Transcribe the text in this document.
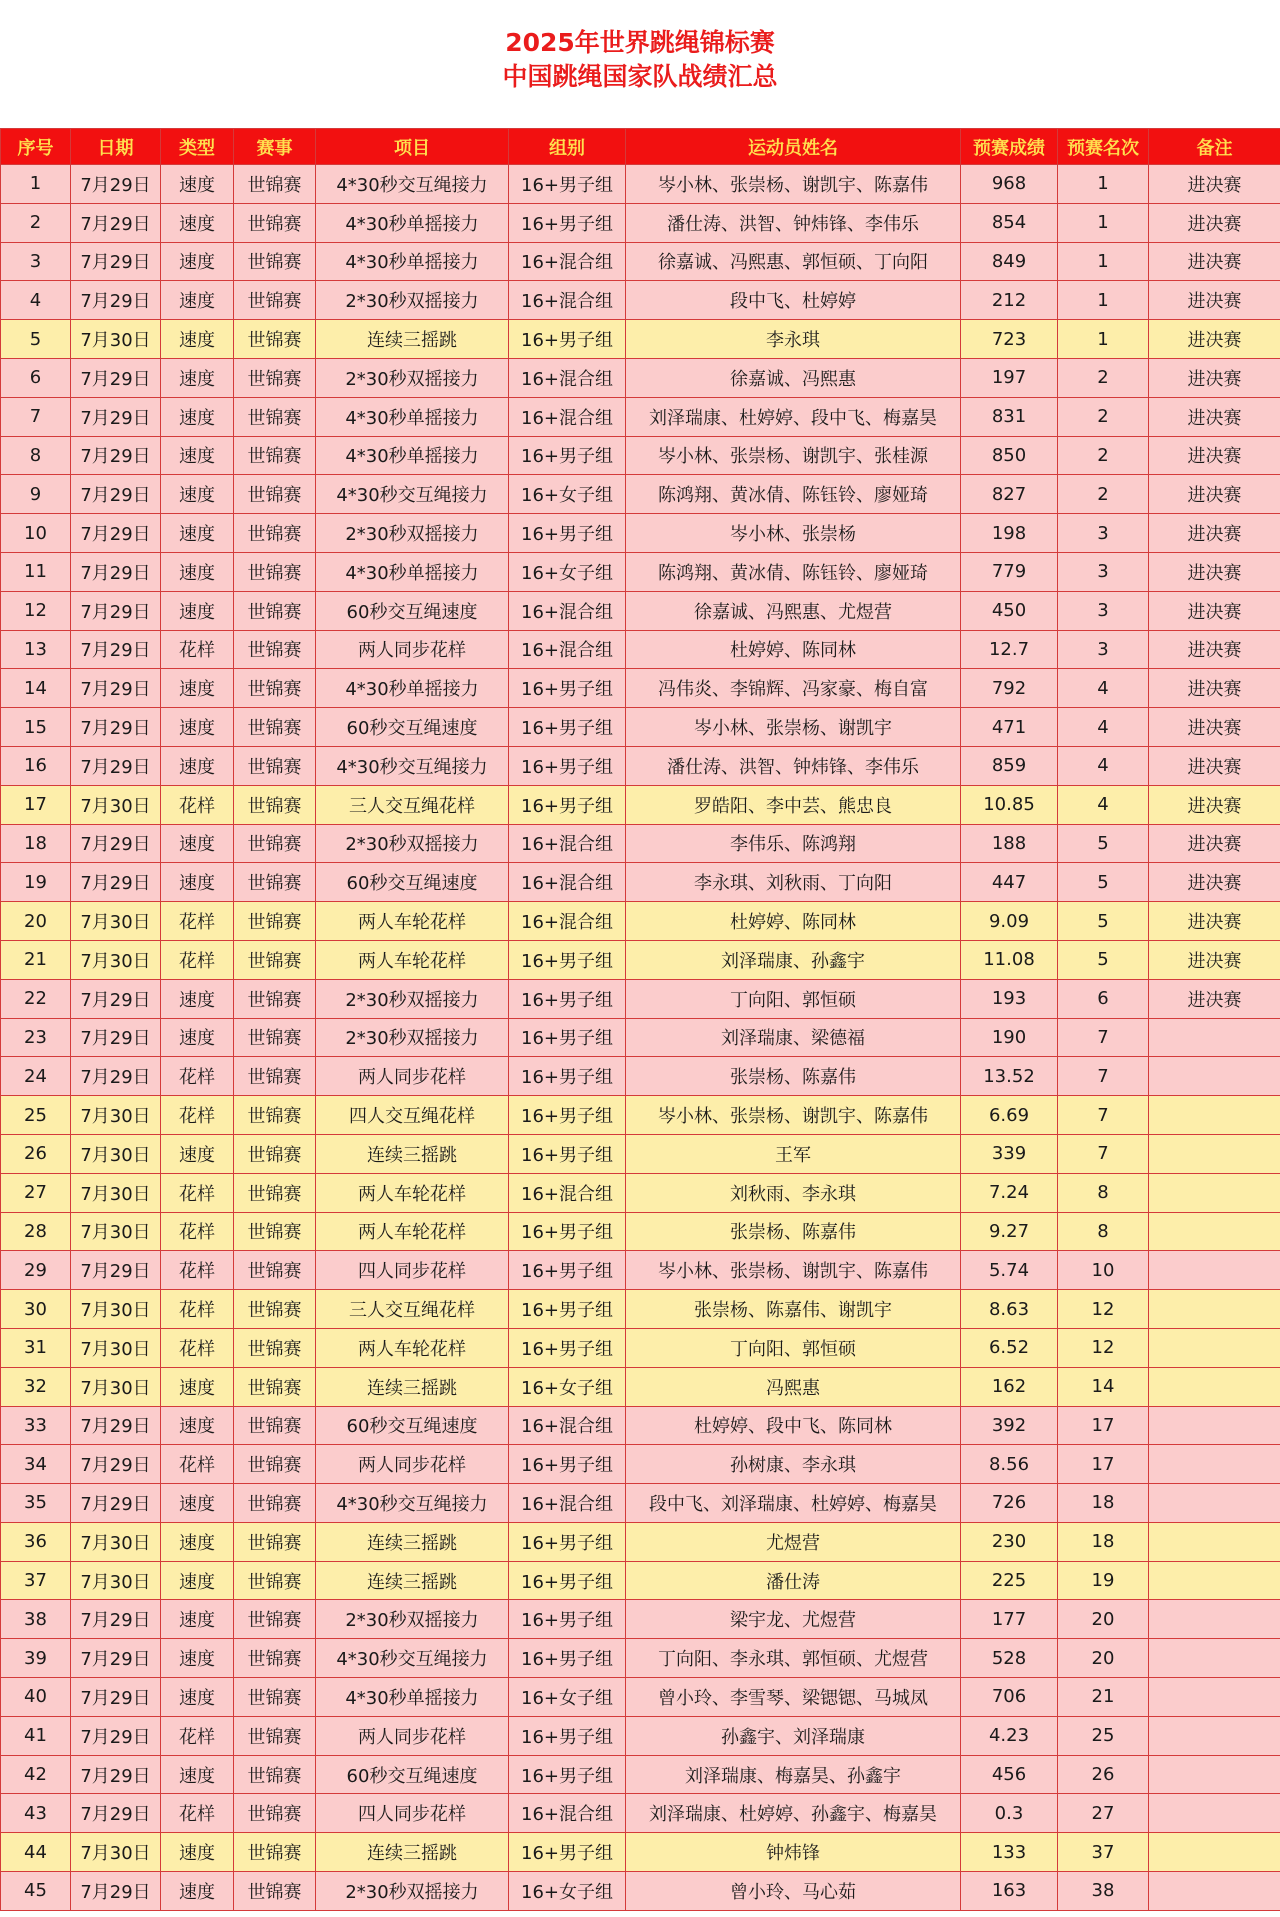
2025年世界跳绳锦标赛
中国跳绳国家队战绩汇总
序号	日期	类型	赛事	项目	组别	运动员姓名	预赛成绩	预赛名次	备注
1	7月29日	速度	世锦赛	4*30秒交互绳接力	16+男子组	岑小林、张崇杨、谢凯宇、陈嘉伟	968	1	进决赛
2	7月29日	速度	世锦赛	4*30秒单摇接力	16+男子组	潘仕涛、洪智、钟炜锋、李伟乐	854	1	进决赛
3	7月29日	速度	世锦赛	4*30秒单摇接力	16+混合组	徐嘉诚、冯熙惠、郭恒硕、丁向阳	849	1	进决赛
4	7月29日	速度	世锦赛	2*30秒双摇接力	16+混合组	段中飞、杜婷婷	212	1	进决赛
5	7月30日	速度	世锦赛	连续三摇跳	16+男子组	李永琪	723	1	进决赛
6	7月29日	速度	世锦赛	2*30秒双摇接力	16+混合组	徐嘉诚、冯熙惠	197	2	进决赛
7	7月29日	速度	世锦赛	4*30秒单摇接力	16+混合组	刘泽瑞康、杜婷婷、段中飞、梅嘉昊	831	2	进决赛
8	7月29日	速度	世锦赛	4*30秒单摇接力	16+男子组	岑小林、张崇杨、谢凯宇、张桂源	850	2	进决赛
9	7月29日	速度	世锦赛	4*30秒交互绳接力	16+女子组	陈鸿翔、黄冰倩、陈钰铃、廖娅琦	827	2	进决赛
10	7月29日	速度	世锦赛	2*30秒双摇接力	16+男子组	岑小林、张崇杨	198	3	进决赛
11	7月29日	速度	世锦赛	4*30秒单摇接力	16+女子组	陈鸿翔、黄冰倩、陈钰铃、廖娅琦	779	3	进决赛
12	7月29日	速度	世锦赛	60秒交互绳速度	16+混合组	徐嘉诚、冯熙惠、尤煜营	450	3	进决赛
13	7月29日	花样	世锦赛	两人同步花样	16+混合组	杜婷婷、陈同林	12.7	3	进决赛
14	7月29日	速度	世锦赛	4*30秒单摇接力	16+男子组	冯伟炎、李锦辉、冯家豪、梅自富	792	4	进决赛
15	7月29日	速度	世锦赛	60秒交互绳速度	16+男子组	岑小林、张崇杨、谢凯宇	471	4	进决赛
16	7月29日	速度	世锦赛	4*30秒交互绳接力	16+男子组	潘仕涛、洪智、钟炜锋、李伟乐	859	4	进决赛
17	7月30日	花样	世锦赛	三人交互绳花样	16+男子组	罗皓阳、李中芸、熊忠良	10.85	4	进决赛
18	7月29日	速度	世锦赛	2*30秒双摇接力	16+混合组	李伟乐、陈鸿翔	188	5	进决赛
19	7月29日	速度	世锦赛	60秒交互绳速度	16+混合组	李永琪、刘秋雨、丁向阳	447	5	进决赛
20	7月30日	花样	世锦赛	两人车轮花样	16+混合组	杜婷婷、陈同林	9.09	5	进决赛
21	7月30日	花样	世锦赛	两人车轮花样	16+男子组	刘泽瑞康、孙鑫宇	11.08	5	进决赛
22	7月29日	速度	世锦赛	2*30秒双摇接力	16+男子组	丁向阳、郭恒硕	193	6	进决赛
23	7月29日	速度	世锦赛	2*30秒双摇接力	16+男子组	刘泽瑞康、梁德福	190	7	
24	7月29日	花样	世锦赛	两人同步花样	16+男子组	张崇杨、陈嘉伟	13.52	7	
25	7月30日	花样	世锦赛	四人交互绳花样	16+男子组	岑小林、张崇杨、谢凯宇、陈嘉伟	6.69	7	
26	7月30日	速度	世锦赛	连续三摇跳	16+男子组	王军	339	7	
27	7月30日	花样	世锦赛	两人车轮花样	16+混合组	刘秋雨、李永琪	7.24	8	
28	7月30日	花样	世锦赛	两人车轮花样	16+男子组	张崇杨、陈嘉伟	9.27	8	
29	7月29日	花样	世锦赛	四人同步花样	16+男子组	岑小林、张崇杨、谢凯宇、陈嘉伟	5.74	10	
30	7月30日	花样	世锦赛	三人交互绳花样	16+男子组	张崇杨、陈嘉伟、谢凯宇	8.63	12	
31	7月30日	花样	世锦赛	两人车轮花样	16+男子组	丁向阳、郭恒硕	6.52	12	
32	7月30日	速度	世锦赛	连续三摇跳	16+女子组	冯熙惠	162	14	
33	7月29日	速度	世锦赛	60秒交互绳速度	16+混合组	杜婷婷、段中飞、陈同林	392	17	
34	7月29日	花样	世锦赛	两人同步花样	16+男子组	孙树康、李永琪	8.56	17	
35	7月29日	速度	世锦赛	4*30秒交互绳接力	16+混合组	段中飞、刘泽瑞康、杜婷婷、梅嘉昊	726	18	
36	7月30日	速度	世锦赛	连续三摇跳	16+男子组	尤煜营	230	18	
37	7月30日	速度	世锦赛	连续三摇跳	16+男子组	潘仕涛	225	19	
38	7月29日	速度	世锦赛	2*30秒双摇接力	16+男子组	梁宇龙、尤煜营	177	20	
39	7月29日	速度	世锦赛	4*30秒交互绳接力	16+男子组	丁向阳、李永琪、郭恒硕、尤煜营	528	20	
40	7月29日	速度	世锦赛	4*30秒单摇接力	16+女子组	曾小玲、李雪琴、梁锶锶、马城凤	706	21	
41	7月29日	花样	世锦赛	两人同步花样	16+男子组	孙鑫宇、刘泽瑞康	4.23	25	
42	7月29日	速度	世锦赛	60秒交互绳速度	16+男子组	刘泽瑞康、梅嘉昊、孙鑫宇	456	26	
43	7月29日	花样	世锦赛	四人同步花样	16+混合组	刘泽瑞康、杜婷婷、孙鑫宇、梅嘉昊	0.3	27	
44	7月30日	速度	世锦赛	连续三摇跳	16+男子组	钟炜锋	133	37	
45	7月29日	速度	世锦赛	2*30秒双摇接力	16+女子组	曾小玲、马心茹	163	38	
